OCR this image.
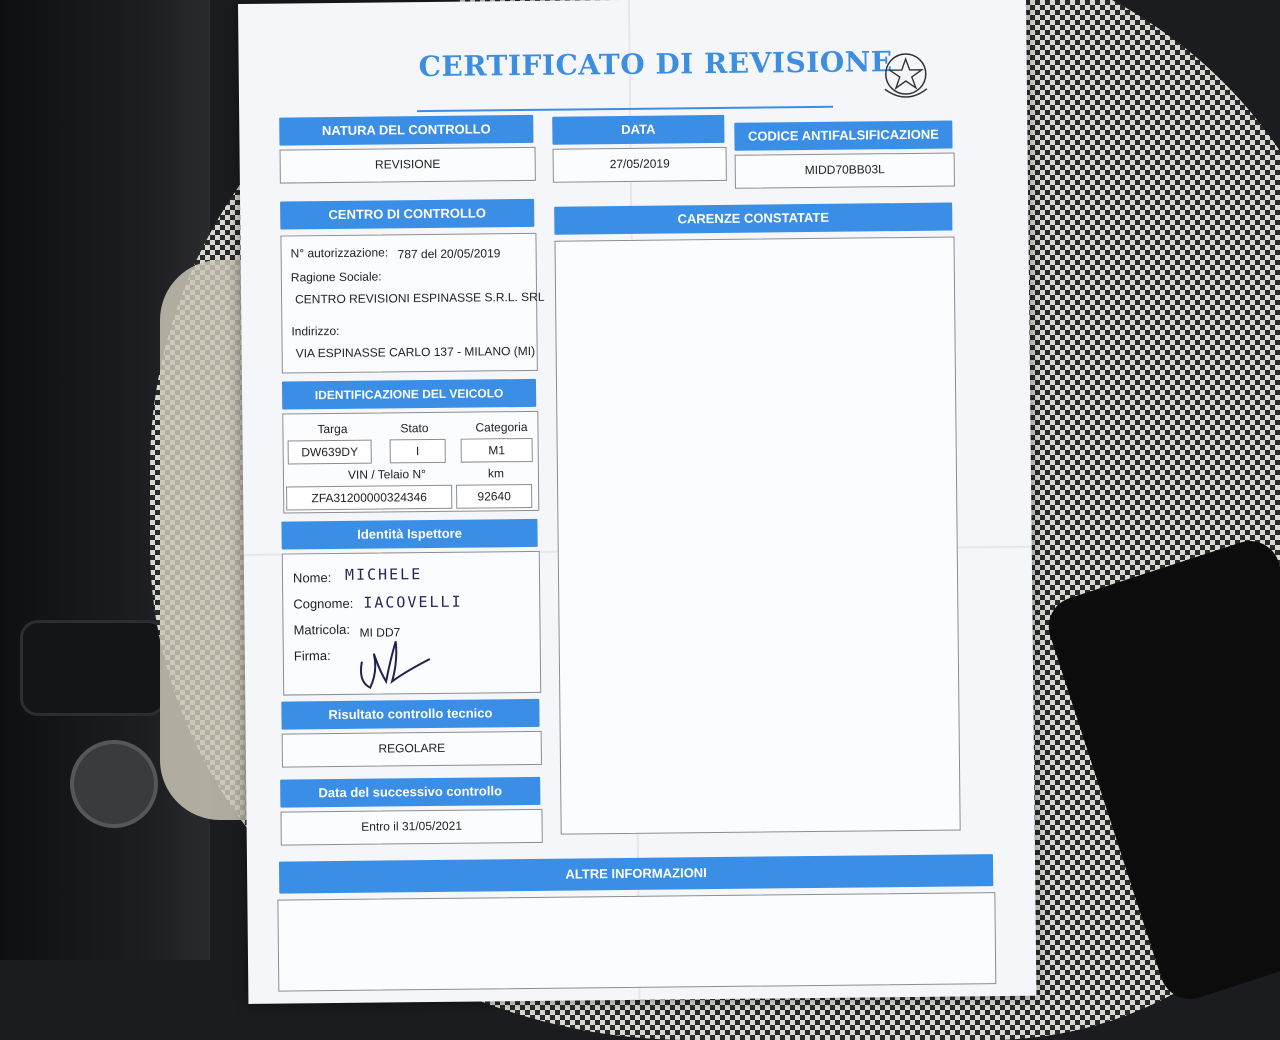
CERTIFICATO DI REVISIONE
NATURA DEL CONTROLLO
REVISIONE
DATA
27/05/2019
CODICE ANTIFALSIFICAZIONE
MIDD70BB03L
CENTRO DI CONTROLLO
N° autorizzazione: 787 del 20/05/2019
Ragione Sociale:
CENTRO REVISIONI ESPINASSE S.R.L. SRL
Indirizzo:
VIA ESPINASSE CARLO 137 - MILANO (MI)
CARENZE CONSTATATE
IDENTIFICAZIONE DEL VEICOLO
Targa	Stato	Categoria
DW639DY	I	M1
VIN / Telaio N°	km
ZFA31200000324346	92640
Identità Ispettore
Nome: MICHELE
Cognome: IACOVELLI
Matricola: MI DD7
Firma:
Risultato controllo tecnico
REGOLARE
Data del successivo controllo
Entro il 31/05/2021
ALTRE INFORMAZIONI
